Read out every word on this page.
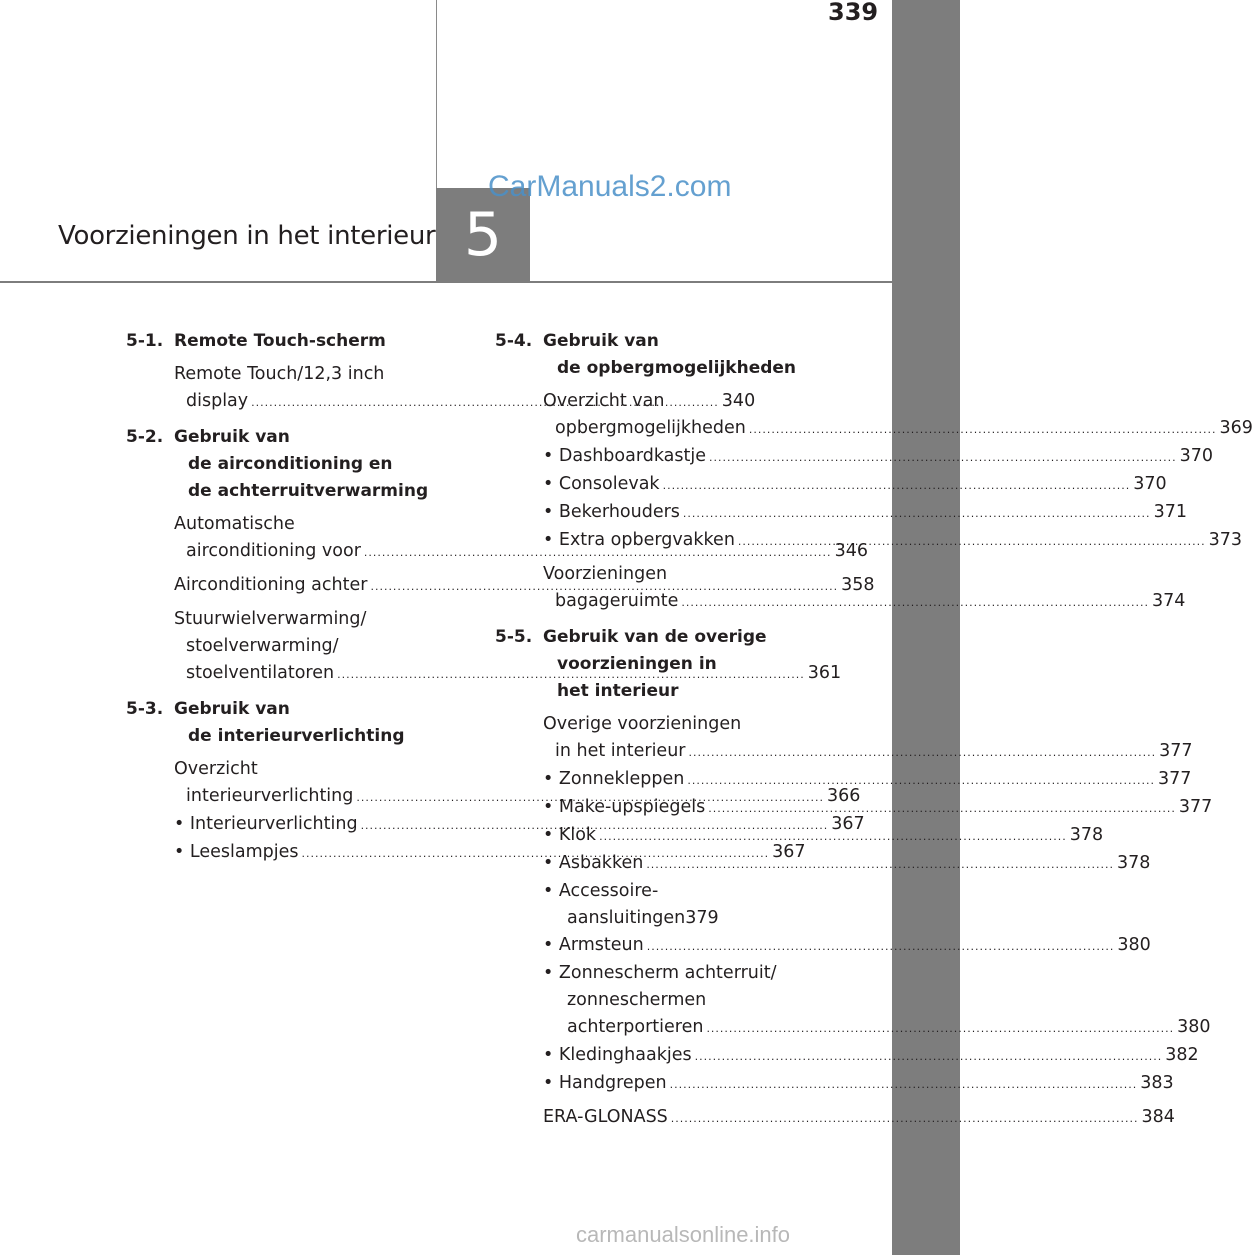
339
Voorzieningen in het interieur 5
CarManuals2.com
carmanualsonline.info
5-1. Remote Touch-scherm
Remote Touch/12,3 inch
display .....	340
5-2. Gebruik van
de airconditioning en
de achterruitverwarming
Automatische
airconditioning voor .....	346
Airconditioning achter .....	358
Stuurwielverwarming/
stoelverwarming/
stoelventilatoren .....	361
5-3. Gebruik van
de interieurverlichting
Overzicht
interieurverlichting .....	366
• Interieurverlichting .....	367
• Leeslampjes .....	367
5-4. Gebruik van
de opbergmogelijkheden
Overzicht van
opbergmogelijkheden .....	369
• Dashboardkastje .....	370
• Consolevak .....	370
• Bekerhouders .....	371
• Extra opbergvakken .....	373
Voorzieningen
bagageruimte .....	374
5-5. Gebruik van de overige
voorzieningen in
het interieur
Overige voorzieningen
in het interieur .....	377
• Zonnekleppen .....	377
• Make-upspiegels .....	377
• Klok .....	378
• Asbakken .....	378
• Accessoire-
aansluitingen379
• Armsteun .....	380
• Zonnescherm achterruit/
zonneschermen
achterportieren .....	380
• Kledinghaakjes .....	382
• Handgrepen .....	383
ERA-GLONASS .....	384
